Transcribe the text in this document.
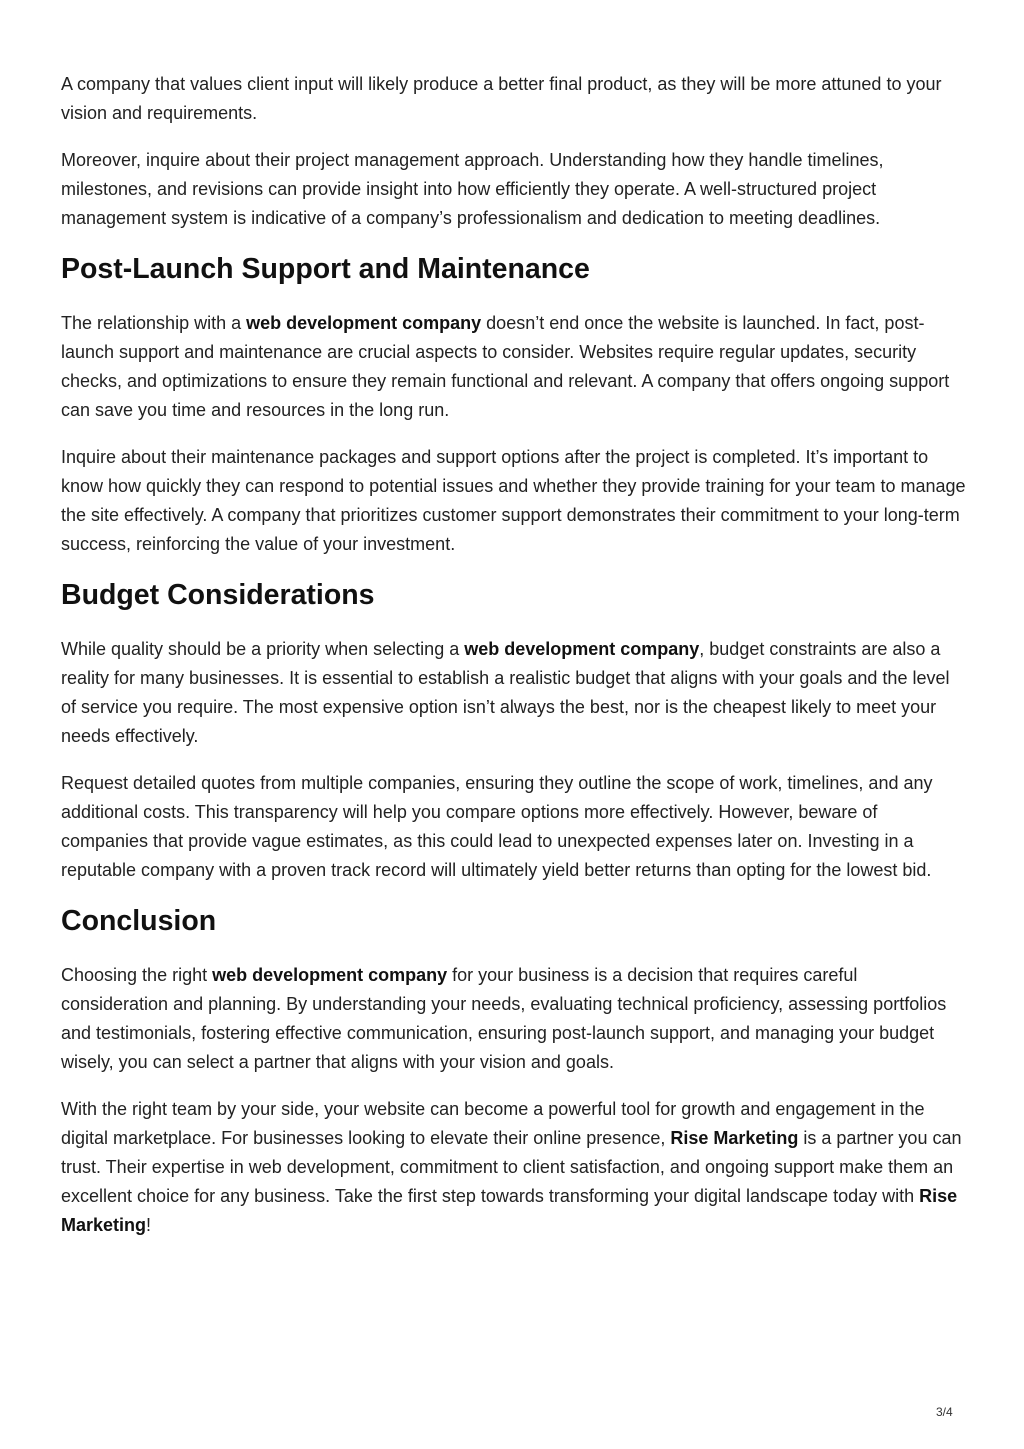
A company that values client input will likely produce a better final product, as they will be more attuned to your vision and requirements.

Moreover, inquire about their project management approach. Understanding how they handle timelines, milestones, and revisions can provide insight into how efficiently they operate. A well-structured project management system is indicative of a company’s professionalism and dedication to meeting deadlines.

Post-Launch Support and Maintenance

The relationship with a web development company doesn’t end once the website is launched. In fact, post-launch support and maintenance are crucial aspects to consider. Websites require regular updates, security checks, and optimizations to ensure they remain functional and relevant. A company that offers ongoing support can save you time and resources in the long run.

Inquire about their maintenance packages and support options after the project is completed. It’s important to know how quickly they can respond to potential issues and whether they provide training for your team to manage the site effectively. A company that prioritizes customer support demonstrates their commitment to your long-term success, reinforcing the value of your investment.

Budget Considerations

While quality should be a priority when selecting a web development company, budget constraints are also a reality for many businesses. It is essential to establish a realistic budget that aligns with your goals and the level of service you require. The most expensive option isn’t always the best, nor is the cheapest likely to meet your needs effectively.

Request detailed quotes from multiple companies, ensuring they outline the scope of work, timelines, and any additional costs. This transparency will help you compare options more effectively. However, beware of companies that provide vague estimates, as this could lead to unexpected expenses later on. Investing in a reputable company with a proven track record will ultimately yield better returns than opting for the lowest bid.

Conclusion

Choosing the right web development company for your business is a decision that requires careful consideration and planning. By understanding your needs, evaluating technical proficiency, assessing portfolios and testimonials, fostering effective communication, ensuring post-launch support, and managing your budget wisely, you can select a partner that aligns with your vision and goals.

With the right team by your side, your website can become a powerful tool for growth and engagement in the digital marketplace. For businesses looking to elevate their online presence, Rise Marketing is a partner you can trust. Their expertise in web development, commitment to client satisfaction, and ongoing support make them an excellent choice for any business. Take the first step towards transforming your digital landscape today with Rise Marketing!

3/4
